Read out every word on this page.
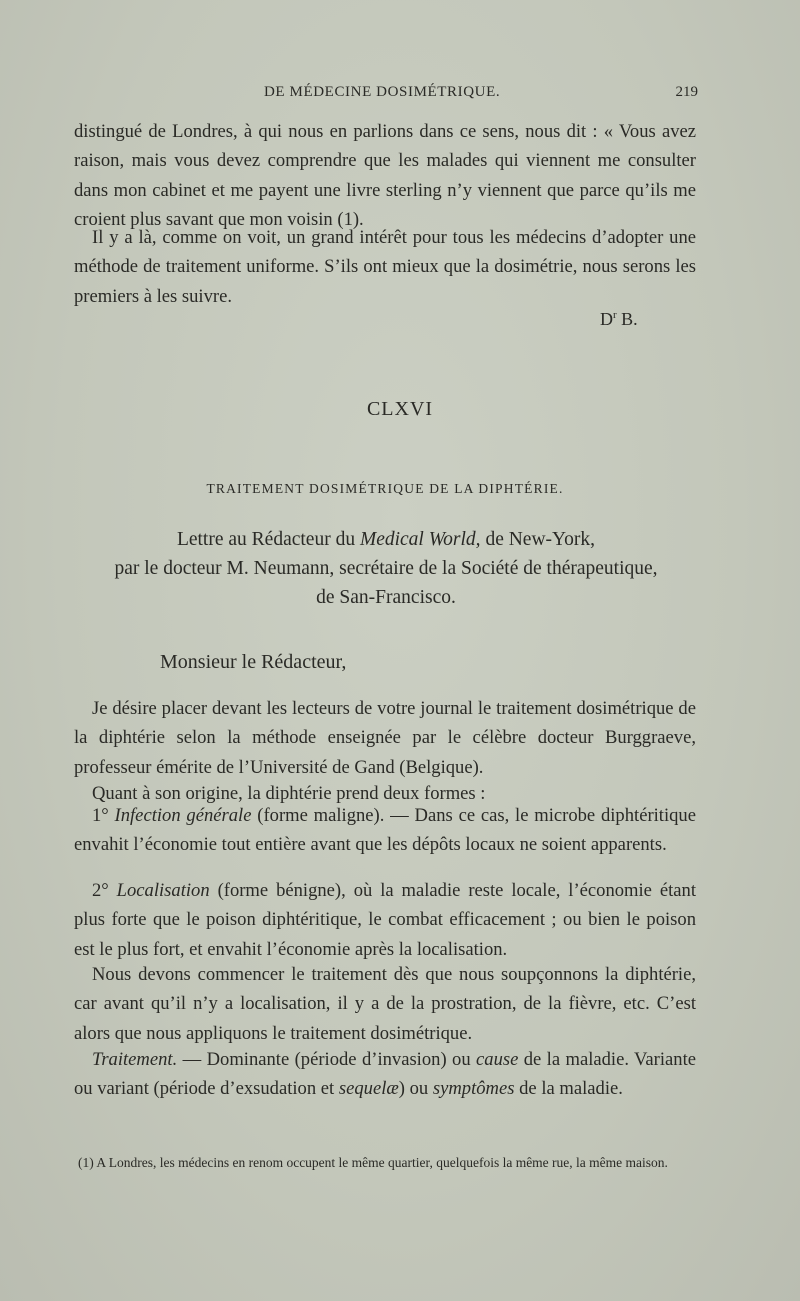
DE MÉDECINE DOSIMÉTRIQUE.	219

distingué de Londres, à qui nous en parlions dans ce sens, nous dit : « Vous avez raison, mais vous devez comprendre que les malades qui viennent me consulter dans mon cabinet et me payent une livre sterling n’y viennent que parce qu’ils me croient plus savant que mon voisin (1).

Il y a là, comme on voit, un grand intérêt pour tous les médecins d’adopter une méthode de traitement uniforme. S’ils ont mieux que la dosimétrie, nous serons les premiers à les suivre.

$D^r$ B.
CLXVI
TRAITEMENT DOSIMÉTRIQUE DE LA DIPHTÉRIE.
Lettre au Rédacteur du Medical World, de New-York,
par le docteur M. Neumann, secrétaire de la Société de thérapeutique,
de San-Francisco.
Monsieur le Rédacteur,

Je désire placer devant les lecteurs de votre journal le traitement dosimétrique de la diphtérie selon la méthode enseignée par le célèbre docteur Burggraeve, professeur émérite de l’Université de Gand (Belgique).

Quant à son origine, la diphtérie prend deux formes :

1° Infection générale (forme maligne). — Dans ce cas, le microbe diphtéritique envahit l’économie tout entière avant que les dépôts locaux ne soient apparents.

2° Localisation (forme bénigne), où la maladie reste locale, l’économie étant plus forte que le poison diphtéritique, le combat efficacement ; ou bien le poison est le plus fort, et envahit l’économie après la localisation.

Nous devons commencer le traitement dès que nous soupçonnons la diphtérie, car avant qu’il n’y a localisation, il y a de la prostration, de la fièvre, etc. C’est alors que nous appliquons le traitement dosimétrique.

Traitement. — Dominante (période d’invasion) ou cause de la maladie. Variante ou variant (période d’exsudation et sequelæ) ou symptômes de la maladie.

(1) A Londres, les médecins en renom occupent le même quartier, quelquefois la même rue, la même maison.
